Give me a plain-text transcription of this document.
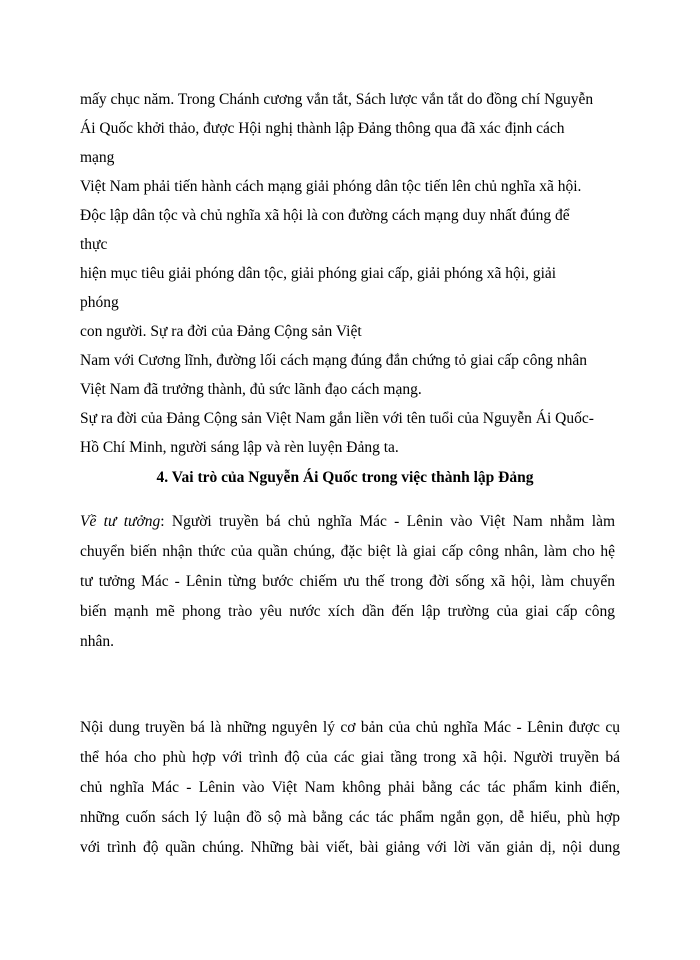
mấy chục năm. Trong Chánh cương vắn tắt, Sách lược vắn tắt do đồng chí Nguyễn

Ái Quốc khởi thảo, được Hội nghị thành lập Đảng thông qua đã xác định cách

mạng

Việt Nam phải tiến hành cách mạng giải phóng dân tộc tiến lên chủ nghĩa xã hội.

Độc lập dân tộc và chủ nghĩa xã hội là con đường cách mạng duy nhất đúng để

thực

hiện mục tiêu giải phóng dân tộc, giải phóng giai cấp, giải phóng xã hội, giải

phóng

con người. Sự ra đời của Đảng Cộng sản Việt

Nam với Cương lĩnh, đường lối cách mạng đúng đắn chứng tỏ giai cấp công nhân

Việt Nam đã trưởng thành, đủ sức lãnh đạo cách mạng.

Sự ra đời của Đảng Cộng sản Việt Nam gắn liền với tên tuổi của Nguyễn Ái Quốc-

Hồ Chí Minh, người sáng lập và rèn luyện Đảng ta.

4. Vai trò của Nguyễn Ái Quốc trong việc thành lập Đảng

Về tư tưởng: Người truyền bá chủ nghĩa Mác - Lênin vào Việt Nam nhằm làm

chuyển biến nhận thức của quần chúng, đặc biệt là giai cấp công nhân, làm cho hệ

tư tưởng Mác - Lênin từng bước chiếm ưu thế trong đời sống xã hội, làm chuyển

biến mạnh mẽ phong trào yêu nước xích dần đến lập trường của giai cấp công

nhân.

Nội dung truyền bá là những nguyên lý cơ bản của chủ nghĩa Mác - Lênin được cụ

thể hóa cho phù hợp với trình độ của các giai tầng trong xã hội. Người truyền bá

chủ nghĩa Mác - Lênin vào Việt Nam không phải bằng các tác phẩm kinh điển,

những cuốn sách lý luận đồ sộ mà bằng các tác phẩm ngắn gọn, dễ hiểu, phù hợp

với trình độ quần chúng. Những bài viết, bài giảng với lời văn giản dị, nội dung
